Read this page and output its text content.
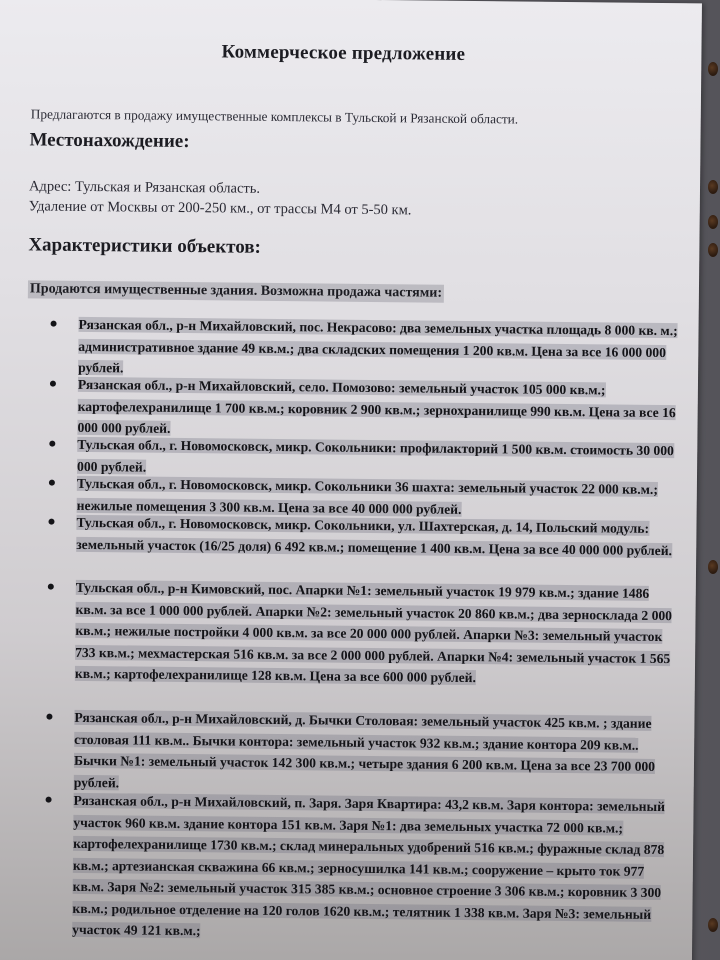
Коммерческое предложение
Предлагаются в продажу имущественные комплексы в Тульской и Рязанской области.
Местонахождение:
Адрес: Тульская и Рязанская область.
Удаление от Москвы от 200-250 км., от трассы М4 от 5-50 км.
Характеристики объектов:
Продаются имущественные здания. Возможна продажа частями:
Рязанская обл., р-н Михайловский, пос. Некрасово: два земельных участка площадь 8 000 кв. м.; административное здание 49 кв.м.; два складских помещения 1 200 кв.м. Цена за все 16 000 000 рублей.
Рязанская обл., р-н Михайловский, село. Помозово: земельный участок 105 000 кв.м.; картофелехранилище 1 700 кв.м.; коровник 2 900 кв.м.; зернохранилище 990 кв.м. Цена за все 16 000 000 рублей.
Тульская обл., г. Новомосковск, микр. Сокольники: профилакторий 1 500 кв.м. стоимость 30 000 000 рублей.
Тульская обл., г. Новомосковск, микр. Сокольники 36 шахта: земельный участок 22 000 кв.м.; нежилые помещения 3 300 кв.м. Цена за все 40 000 000 рублей.
Тульская обл., г. Новомосковск, микр. Сокольники, ул. Шахтерская, д. 14, Польский модуль: земельный участок (16/25 доля) 6 492 кв.м.; помещение 1 400 кв.м. Цена за все 40 000 000 рублей.
Тульская обл., р-н Кимовский, пос. Апарки №1: земельный участок 19 979 кв.м.; здание 1486 кв.м. за все 1 000 000 рублей. Апарки №2: земельный участок 20 860 кв.м.; два зерносклада 2 000 кв.м.; нежилые постройки 4 000 кв.м. за все 20 000 000 рублей. Апарки №3: земельный участок 733 кв.м.; мехмастерская 516 кв.м. за все 2 000 000 рублей. Апарки №4: земельный участок 1 565 кв.м.; картофелехранилище 128 кв.м. Цена за все 600 000 рублей.
Рязанская обл., р-н Михайловский, д. Бычки Столовая: земельный участок 425 кв.м. ; здание столовая 111 кв.м.. Бычки контора: земельный участок 932 кв.м.; здание контора 209 кв.м.. Бычки №1: земельный участок 142 300 кв.м.; четыре здания 6 200 кв.м. Цена за все 23 700 000 рублей.
Рязанская обл., р-н Михайловский, п. Заря. Заря Квартира: 43,2 кв.м. Заря контора: земельный участок 960 кв.м. здание контора 151 кв.м. Заря №1: два земельных участка 72 000 кв.м.; картофелехранилище 1730 кв.м.; склад минеральных удобрений 516 кв.м.; фуражные склад 878 кв.м.; артезианская скважина 66 кв.м.; зерносушилка 141 кв.м.; сооружение – крыто ток 977 кв.м. Заря №2: земельный участок 315 385 кв.м.; основное строение 3 306 кв.м.; коровник 3 300 кв.м.; родильное отделение на 120 голов 1620 кв.м.; телятник 1 338 кв.м. Заря №3: земельный участок 49 121 кв.м.;
